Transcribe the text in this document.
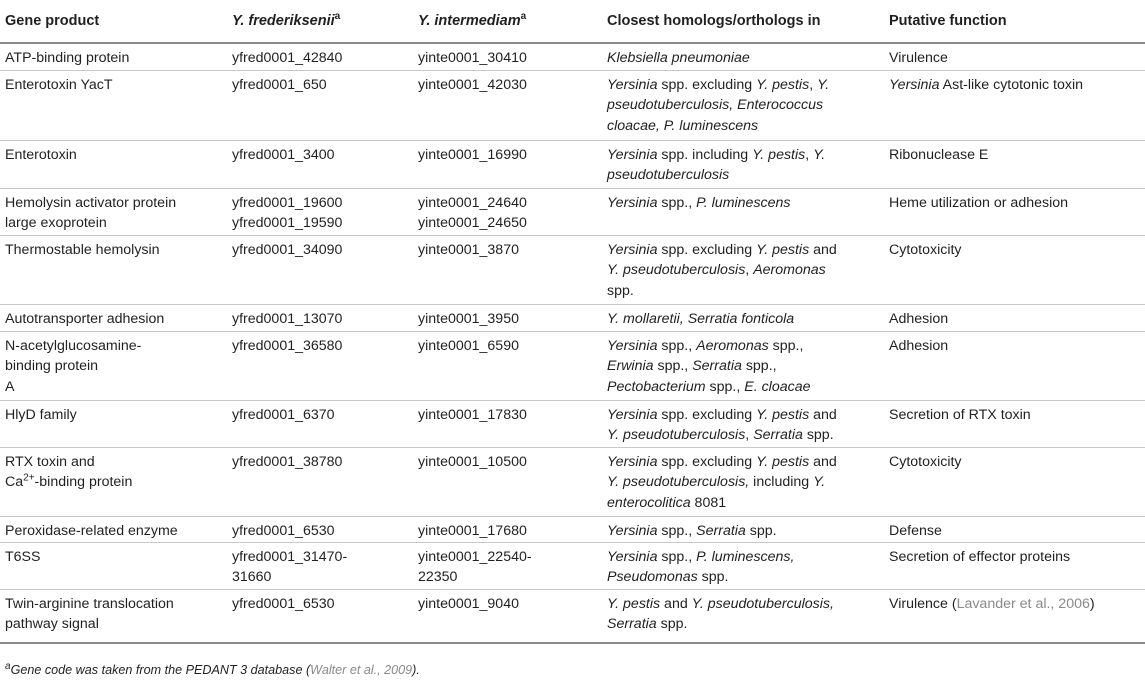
Gene product	Y. frederiksenii$^a$	Y. intermediam$^a$	Closest homologs/orthologs in	Putative function
ATP-binding protein	yfred0001_42840	yinte0001_30410	Klebsiella pneumoniae	Virulence
Enterotoxin YacT	yfred0001_650	yinte0001_42030	Yersinia spp. excluding Y. pestis, Y.
pseudotuberculosis, Enterococcus
cloacae, P. luminescens	Yersinia Ast-like cytotonic toxin
Enterotoxin	yfred0001_3400	yinte0001_16990	Yersinia spp. including Y. pestis, Y.
pseudotuberculosis	Ribonuclease E

Hemolysin activator protein
large exoprotein	yfred0001_19600
yfred0001_19590	yinte0001_24640
yinte0001_24650	Yersinia spp., P. luminescens	Heme utilization or adhesion
Thermostable hemolysin	yfred0001_34090	yinte0001_3870	Yersinia spp. excluding Y. pestis and
Y. pseudotuberculosis, Aeromonas
spp.	Cytotoxicity
Autotransporter adhesion	yfred0001_13070	yinte0001_3950	Y. mollaretii, Serratia fonticola	Adhesion

N-acetylglucosamine-
binding protein
A	yfred0001_36580	yinte0001_6590	Yersinia spp., Aeromonas spp.,
Erwinia spp., Serratia spp.,
Pectobacterium spp., E. cloacae	Adhesion
HlyD family	yfred0001_6370	yinte0001_17830	Yersinia spp. excluding Y. pestis and
Y. pseudotuberculosis, Serratia spp.	Secretion of RTX toxin

RTX toxin and
$Ca^{2+}$-binding protein	yfred0001_38780	yinte0001_10500	Yersinia spp. excluding Y. pestis and
Y. pseudotuberculosis, including Y.
enterocolitica 8081	Cytotoxicity
Peroxidase-related enzyme	yfred0001_6530	yinte0001_17680	Yersinia spp., Serratia spp.	Defense
T6SS	yfred0001_31470-
31660	yinte0001_22540-
22350	Yersinia spp., P. luminescens,
Pseudomonas spp.	Secretion of effector proteins

Twin-arginine translocation
pathway signal	yfred0001_6530	yinte0001_9040	Y. pestis and Y. pseudotuberculosis,
Serratia spp.	Virulence (Lavander et al., 2006)
$^a$Gene code was taken from the PEDANT 3 database (Walter et al., 2009).
